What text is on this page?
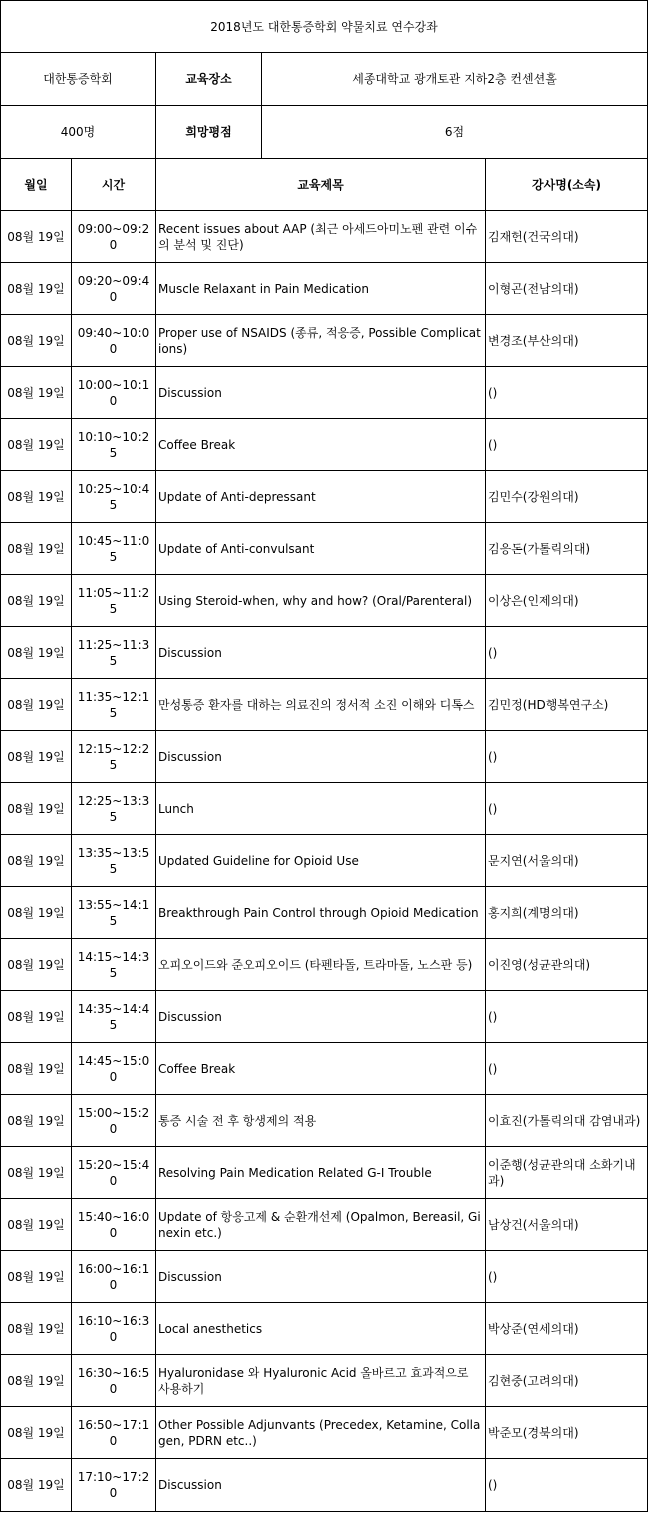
2018년도 대한통증학회 약물치료 연수강좌				
대한통증학회		교육장소	세종대학교 광개토관 지하2층 컨센션홀	
400명		희망평점	6점	
월일	시간	교육제목		강사명(소속)
08월 19일	09:00~09:20	Recent issues about AAP (최근 아세드아미노펜 관련 이슈의 분석 및 진단)		김재헌(건국의대)
08월 19일	09:20~09:40	Muscle Relaxant in Pain Medication		이형곤(전남의대)
08월 19일	09:40~10:00	Proper use of NSAIDS (종류, 적응증, Possible Complications)		변경조(부산의대)
08월 19일	10:00~10:10	Discussion		()
08월 19일	10:10~10:25	Coffee Break		()
08월 19일	10:25~10:45	Update of Anti-depressant		김민수(강원의대)
08월 19일	10:45~11:05	Update of Anti-convulsant		김응돈(가톨릭의대)
08월 19일	11:05~11:25	Using Steroid-when, why and how? (Oral/Parenteral)		이상은(인제의대)
08월 19일	11:25~11:35	Discussion		()
08월 19일	11:35~12:15	만성통증 환자를 대하는 의료진의 정서적 소진 이해와 디톡스		김민정(HD행복연구소)
08월 19일	12:15~12:25	Discussion		()
08월 19일	12:25~13:35	Lunch		()
08월 19일	13:35~13:55	Updated Guideline for Opioid Use		문지연(서울의대)
08월 19일	13:55~14:15	Breakthrough Pain Control through Opioid Medication		홍지희(계명의대)
08월 19일	14:15~14:35	오피오이드와 준오피오이드 (타펜타돌, 트라마돌, 노스판 등)		이진영(성균관의대)
08월 19일	14:35~14:45	Discussion		()
08월 19일	14:45~15:00	Coffee Break		()
08월 19일	15:00~15:20	통증 시술 전 후 항생제의 적용		이효진(가톨릭의대 감염내과)
08월 19일	15:20~15:40	Resolving Pain Medication Related G-I Trouble		이준행(성균관의대 소화기내과)
08월 19일	15:40~16:00	Update of 항응고제 & 순환개선제 (Opalmon, Bereasil, Ginexin etc.)		남상건(서울의대)
08월 19일	16:00~16:10	Discussion		()
08월 19일	16:10~16:30	Local anesthetics		박상준(연세의대)
08월 19일	16:30~16:50	Hyaluronidase 와 Hyaluronic Acid 올바르고 효과적으로 사용하기		김현중(고려의대)
08월 19일	16:50~17:10	Other Possible Adjunvants (Precedex, Ketamine, Collagen, PDRN etc..)		박준모(경북의대)
08월 19일	17:10~17:20	Discussion		()
